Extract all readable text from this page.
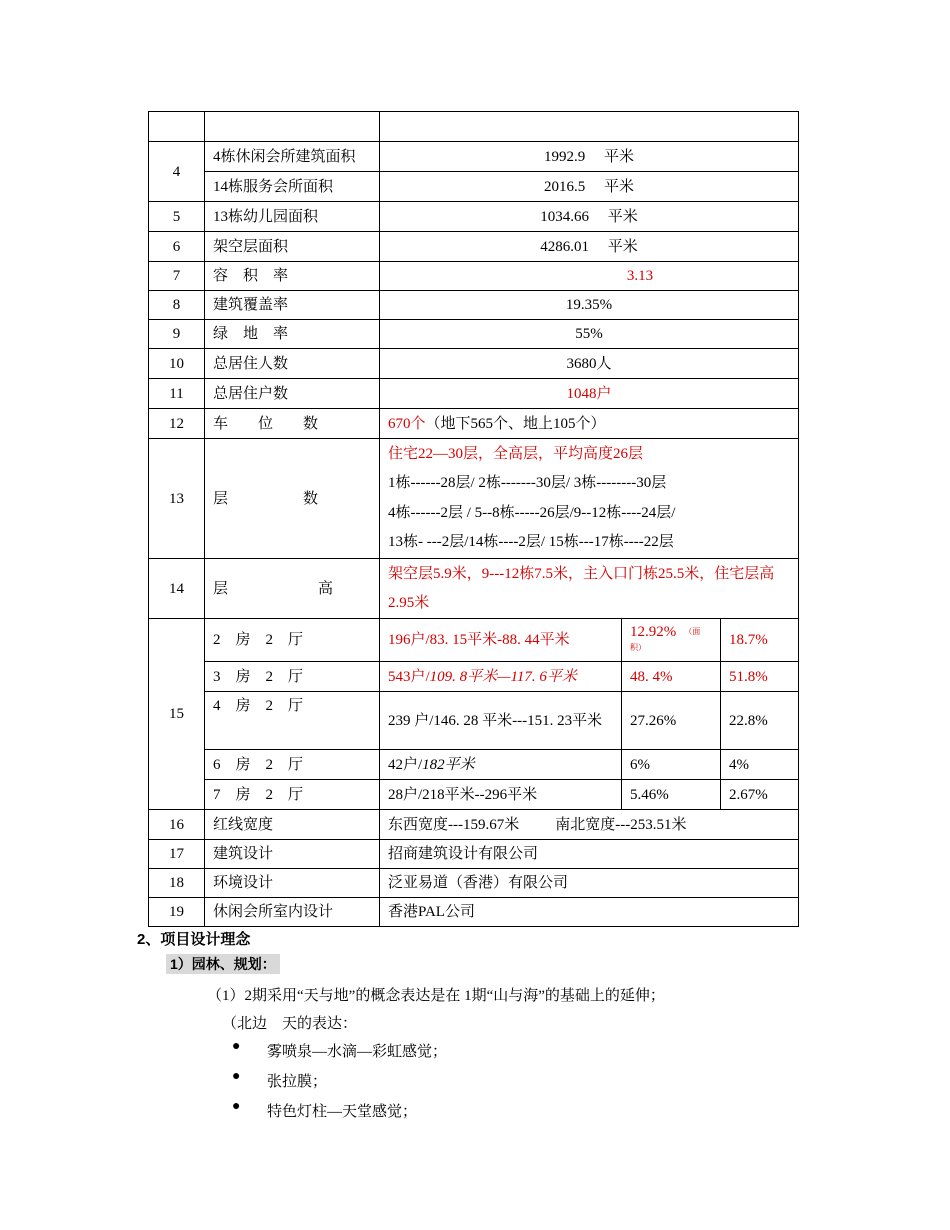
4	4栋休闲会所建筑面积	1992.9　 平米		
	14栋服务会所面积	2016.5　 平米		
5	13栋幼儿园面积	1034.66　 平米		
6	架空层面积	4286.01　 平米		
7	容　积　率	3.13		
8	建筑覆盖率	19.35%		
9	绿　地　率	55%		
10	总居住人数	3680人		
11	总居住户数	1048户		
12	车　　位　　数	670个（地下565个、地上105个）		
13	层　　　　　数	住宅22—30层，全高层，平均高度26层
1栋------28层/ 2栋-------30层/ 3栋--------30层
4栋------2层 / 5--8栋-----26层/9--12栋----24层/
13栋- ---2层/14栋----2层/ 15栋---17栋----22层		

14	层　　　　　　高	架空层5.9米，9---12栋7.5米，主入口门栋25.5米，住宅层高2.95米		
15	2　房　2　厅	196户/83. 15平米-88. 44平米	12.92% $^{(面积)}$	18.7%
	3　房　2　厅	543户/109. 8平米—117. 6平米	48. 4%	51.8%
	4　房　2　厅	239 户/146. 28 平米---151. 23平米	27.26%	22.8%
	6　房　2　厅	42户/182平米	6%	4%
	7　房　2　厅	28户/218平米--296平米	5.46%	2.67%
16	红线宽度	东西宽度---159.67米 南北宽度---253.51米		
17	建筑设计	招商建筑设计有限公司		
18	环境设计	泛亚易道（香港）有限公司		
19	休闲会所室内设计	香港PAL公司		
2、项目设计理念
1）园林、规划：
（1）2期采用“天与地”的概念表达是在 1期“山与海”的基础上的延伸；
（北边　天的表达：
● 雾喷泉—水滴—彩虹感觉；
● 张拉膜；
● 特色灯柱—天堂感觉；
